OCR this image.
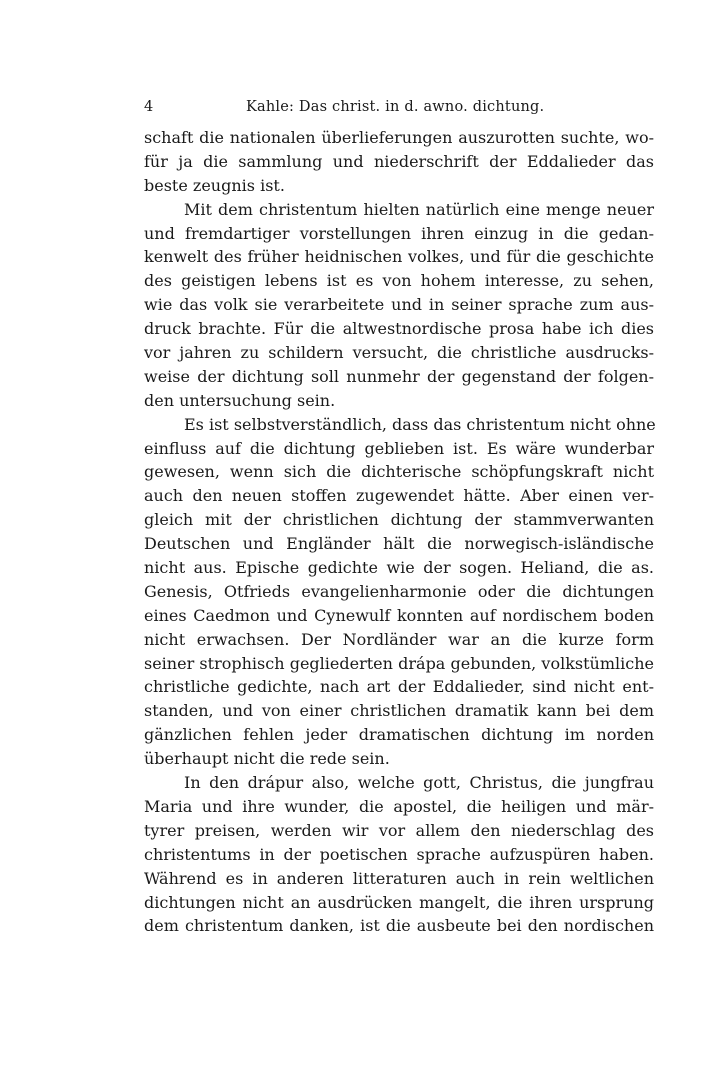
4	Kahle: Das christ. in d. awno. dichtung.
schaft die nationalen überlieferungen auszurotten suchte, wo-
für ja die sammlung und niederschrift der Eddalieder das
beste zeugnis ist.
Mit dem christentum hielten natürlich eine menge neuer
und fremdartiger vorstellungen ihren einzug in die gedan-
kenwelt des früher heidnischen volkes, und für die geschichte
des geistigen lebens ist es von hohem interesse, zu sehen,
wie das volk sie verarbeitete und in seiner sprache zum aus-
druck brachte. Für die altwestnordische prosa habe ich dies
vor jahren zu schildern versucht, die christliche ausdrucks-
weise der dichtung soll nunmehr der gegenstand der folgen-
den untersuchung sein.
Es ist selbstverständlich, dass das christentum nicht ohne
einfluss auf die dichtung geblieben ist. Es wäre wunderbar
gewesen, wenn sich die dichterische schöpfungskraft nicht
auch den neuen stoffen zugewendet hätte. Aber einen ver-
gleich mit der christlichen dichtung der stammverwanten
Deutschen und Engländer hält die norwegisch-isländische
nicht aus. Epische gedichte wie der sogen. Heliand, die as.
Genesis, Otfrieds evangelienharmonie oder die dichtungen
eines Caedmon und Cynewulf konnten auf nordischem boden
nicht erwachsen. Der Nordländer war an die kurze form
seiner strophisch gegliederten drápa gebunden, volkstümliche
christliche gedichte, nach art der Eddalieder, sind nicht ent-
standen, und von einer christlichen dramatik kann bei dem
gänzlichen fehlen jeder dramatischen dichtung im norden
überhaupt nicht die rede sein.
In den drápur also, welche gott, Christus, die jungfrau
Maria und ihre wunder, die apostel, die heiligen und mär-
tyrer preisen, werden wir vor allem den niederschlag des
christentums in der poetischen sprache aufzuspüren haben.
Während es in anderen litteraturen auch in rein weltlichen
dichtungen nicht an ausdrücken mangelt, die ihren ursprung
dem christentum danken, ist die ausbeute bei den nordischen
